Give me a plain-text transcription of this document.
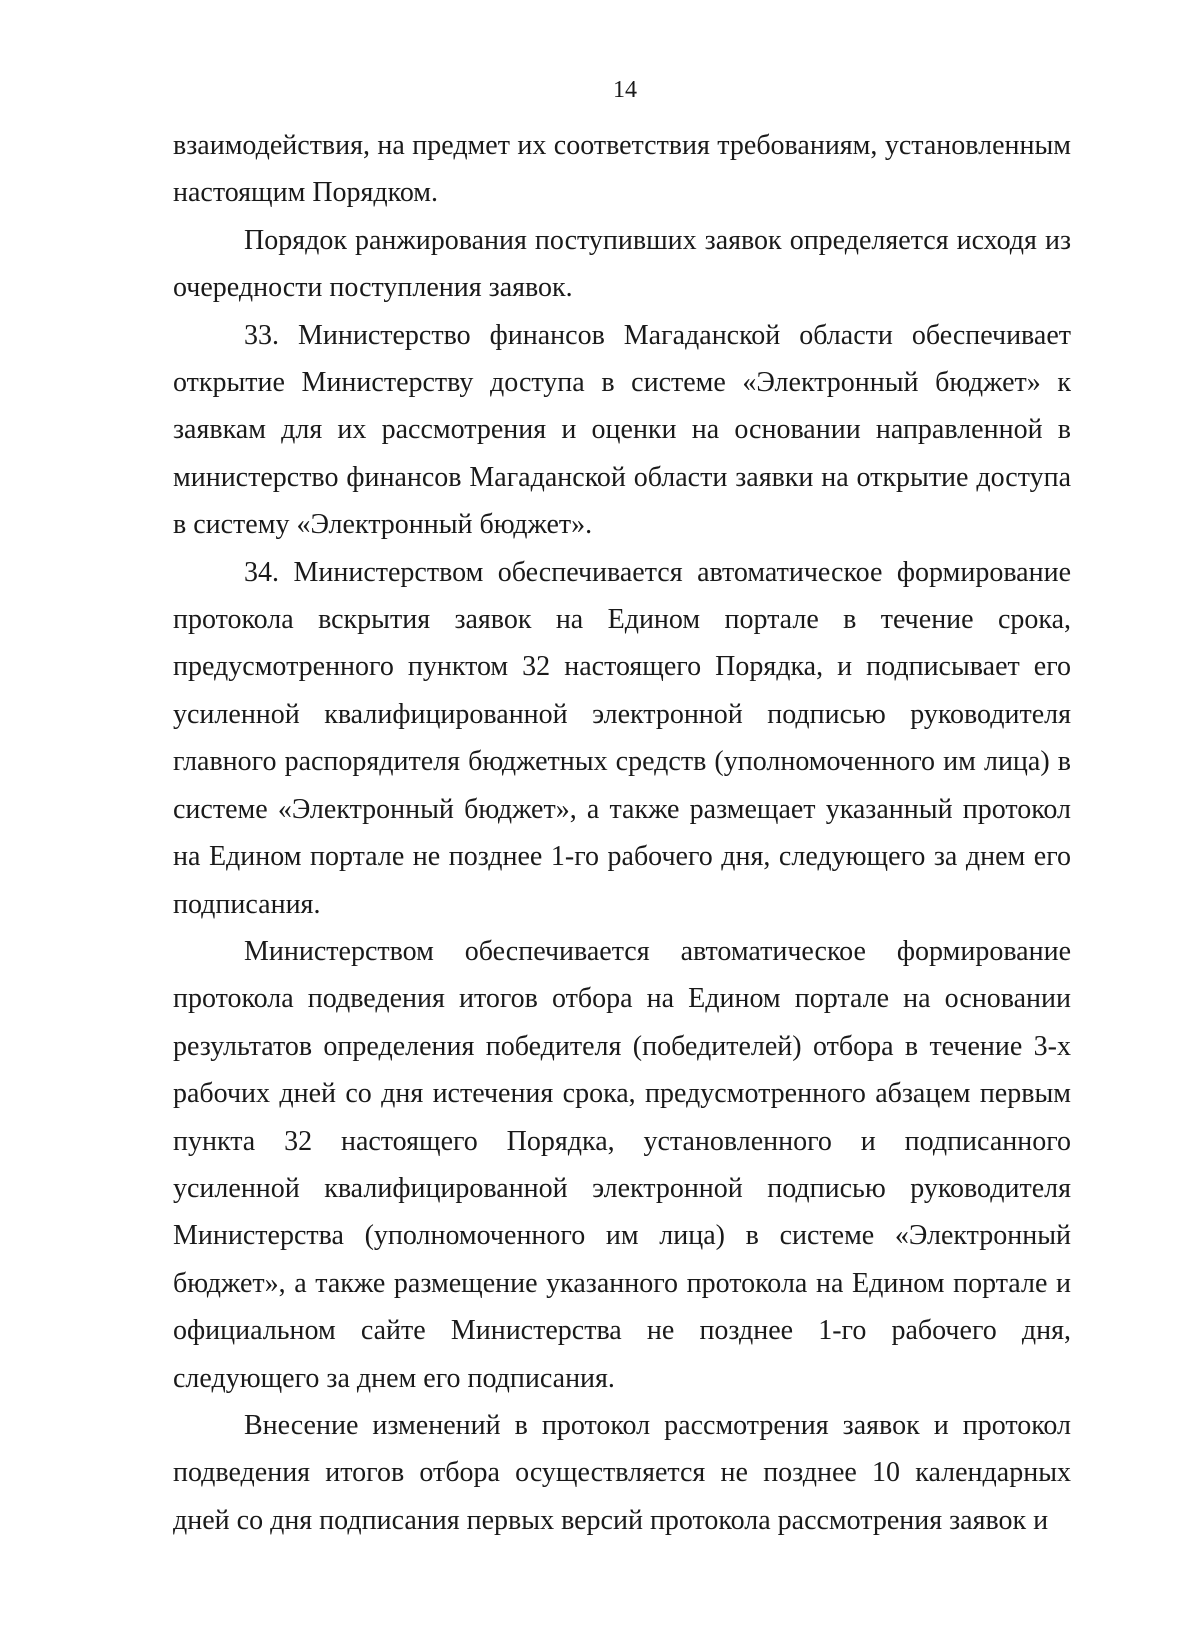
14

взаимодействия, на предмет их соответствия требованиям, установленным настоящим Порядком.

Порядок ранжирования поступивших заявок определяется исходя из очередности поступления заявок.

33. Министерство финансов Магаданской области обеспечивает открытие Министерству доступа в системе «Электронный бюджет» к заявкам для их рассмотрения и оценки на основании направленной в министерство финансов Магаданской области заявки на открытие доступа в систему «Электронный бюджет».

34. Министерством обеспечивается автоматическое формирование протокола вскрытия заявок на Едином портале в течение срока, предусмотренного пунктом 32 настоящего Порядка, и подписывает его усиленной квалифицированной электронной подписью руководителя главного распорядителя бюджетных средств (уполномоченного им лица) в системе «Электронный бюджет», а также размещает указанный протокол на Едином портале не позднее 1-го рабочего дня, следующего за днем его подписания.

Министерством обеспечивается автоматическое формирование протокола подведения итогов отбора на Едином портале на основании результатов определения победителя (победителей) отбора в течение 3-х рабочих дней со дня истечения срока, предусмотренного абзацем первым пункта 32 настоящего Порядка, установленного и подписанного усиленной квалифицированной электронной подписью руководителя Министерства (уполномоченного им лица) в системе «Электронный бюджет», а также размещение указанного протокола на Едином портале и официальном сайте Министерства не позднее 1-го рабочего дня, следующего за днем его подписания.

Внесение изменений в протокол рассмотрения заявок и протокол подведения итогов отбора осуществляется не позднее 10 календарных дней со дня подписания первых версий протокола рассмотрения заявок и
